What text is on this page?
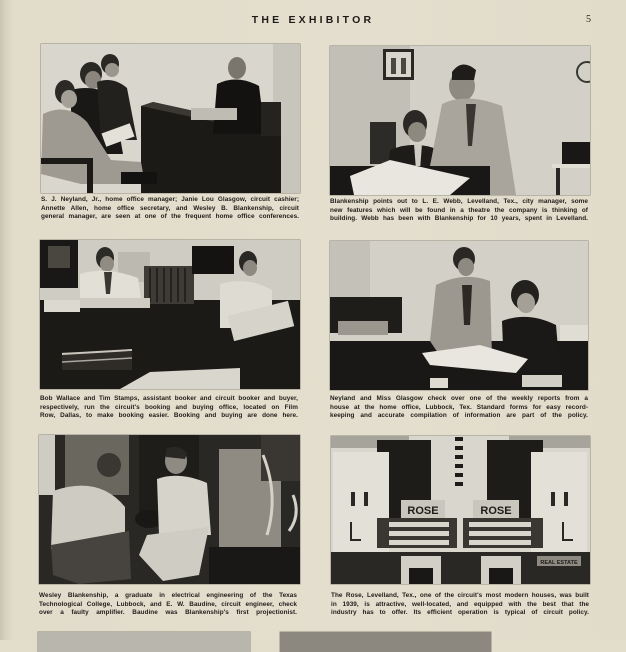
THE EXHIBITOR	5
S. J. Neyland, Jr., home office manager; Janie Lou Glasgow, circuit cashier;
Annette Allen, home office secretary, and Wesley B. Blankenship, circuit
general manager, are seen at one of the frequent home office conferences.
Blankenship points out to L. E. Webb, Levelland, Tex., city manager, some
new features which will be found in a theatre the company is thinking of
building. Webb has been with Blankenship for 10 years, spent in Levelland.
Bob Wallace and Tim Stamps, assistant booker and circuit booker and buyer,
respectively, run the circuit's booking and buying office, located on Film
Row, Dallas, to make booking easier. Booking and buying are done here.
Neyland and Miss Glasgow check over one of the weekly reports from a
house at the home office, Lubbock, Tex. Standard forms for easy record-
keeping and accurate compilation of information are part of the policy.
Wesley Blankenship, a graduate in electrical engineering of the Texas
Technological College, Lubbock, and E. W. Baudine, circuit engineer, check
over a faulty amplifier. Baudine was Blankenship's first projectionist.
ROSE	ROSE
REAL ESTATE
The Rose, Levelland, Tex., one of the circuit's most modern houses, was built
in 1939, is attractive, well-located, and equipped with the best that the
industry has to offer. Its efficient operation is typical of circuit policy.
